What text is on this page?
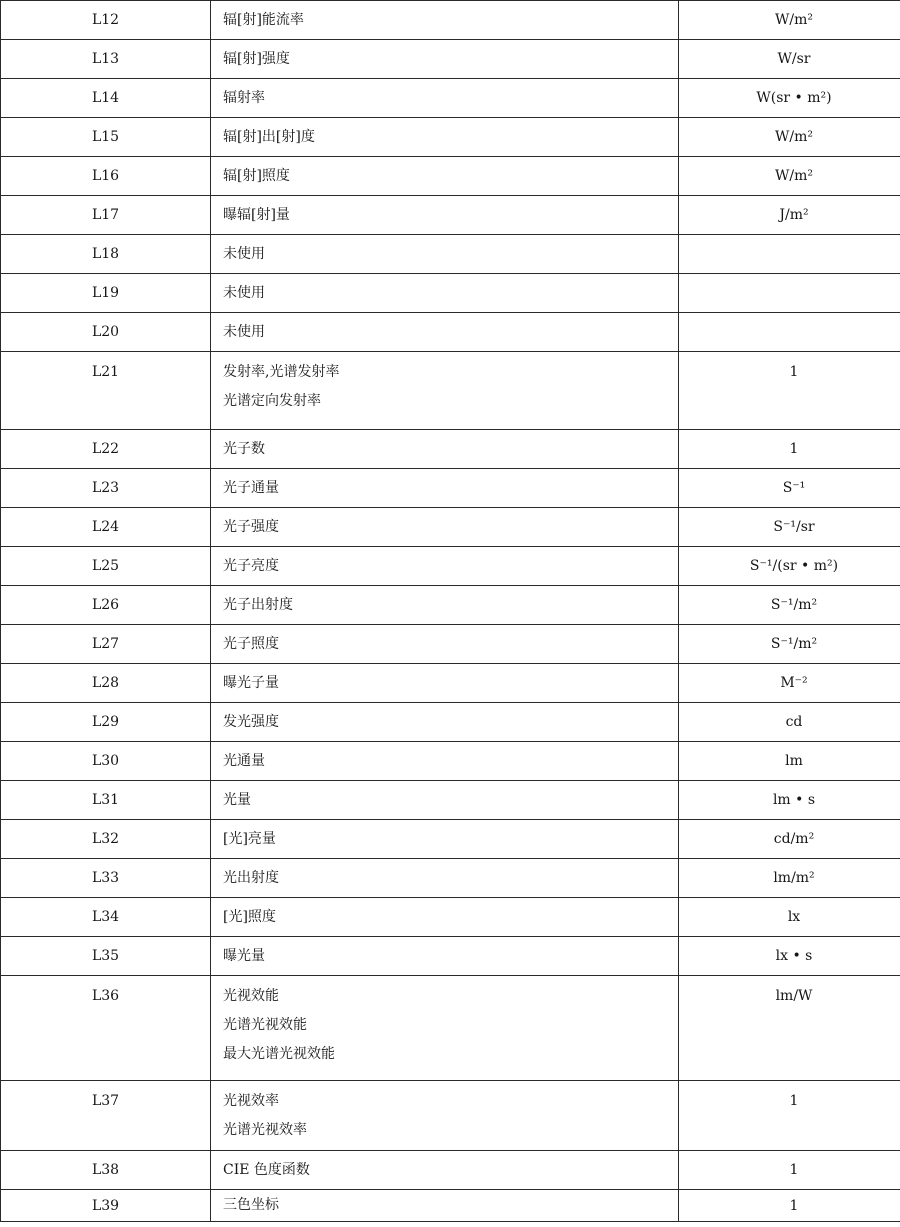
L12	辐[射]能流率	W/m²
L13	辐[射]强度	W/sr
L14	辐射率	W(sr • m²)
L15	辐[射]出[射]度	W/m²
L16	辐[射]照度	W/m²
L17	曝辐[射]量	J/m²
L18	未使用	

L19	未使用	

L20	未使用	

L21	发射率,光谱发射率
光谱定向发射率	1
L22	光子数	1
L23	光子通量	S⁻¹
L24	光子强度	S⁻¹/sr
L25	光子亮度	S⁻¹/(sr • m²)
L26	光子出射度	S⁻¹/m²
L27	光子照度	S⁻¹/m²
L28	曝光子量	M⁻²
L29	发光强度	cd
L30	光通量	lm
L31	光量	lm • s
L32	[光]亮量	cd/m²
L33	光出射度	lm/m²
L34	[光]照度	lx
L35	曝光量	lx • s
L36	光视效能
光谱光视效能
最大光谱光视效能	lm/W
L37	光视效率
光谱光视效率	1
L38	CIE 色度函数	1
L39	三色坐标	1
